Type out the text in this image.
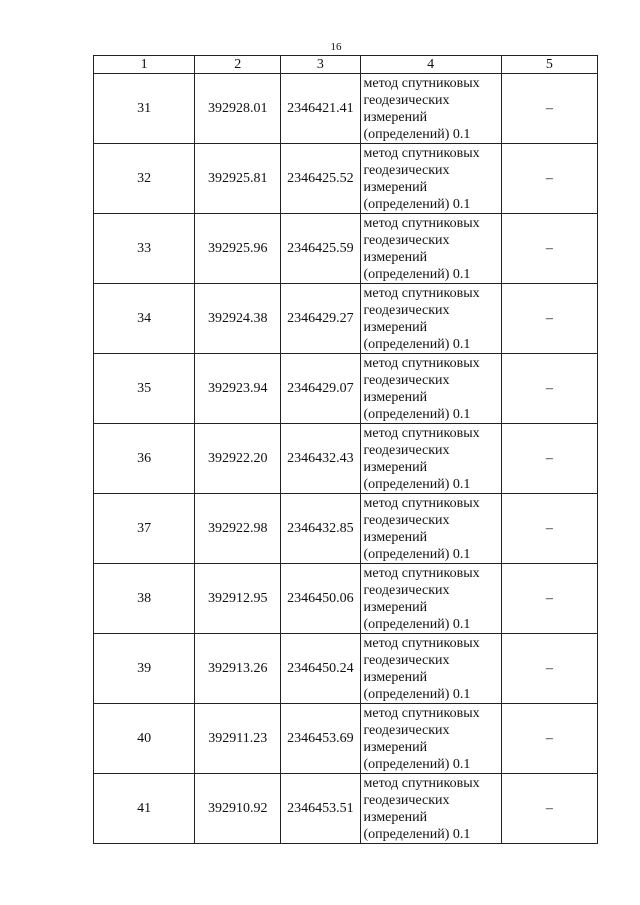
16
1	2	3	4	5
31	392928.01	2346421.41	метод спутниковых
геодезических
измерений
(определений) 0.1	–
32	392925.81	2346425.52	метод спутниковых
геодезических
измерений
(определений) 0.1	–
33	392925.96	2346425.59	метод спутниковых
геодезических
измерений
(определений) 0.1	–
34	392924.38	2346429.27	метод спутниковых
геодезических
измерений
(определений) 0.1	–
35	392923.94	2346429.07	метод спутниковых
геодезических
измерений
(определений) 0.1	–
36	392922.20	2346432.43	метод спутниковых
геодезических
измерений
(определений) 0.1	–
37	392922.98	2346432.85	метод спутниковых
геодезических
измерений
(определений) 0.1	–
38	392912.95	2346450.06	метод спутниковых
геодезических
измерений
(определений) 0.1	–
39	392913.26	2346450.24	метод спутниковых
геодезических
измерений
(определений) 0.1	–
40	392911.23	2346453.69	метод спутниковых
геодезических
измерений
(определений) 0.1	–
41	392910.92	2346453.51	метод спутниковых
геодезических
измерений
(определений) 0.1	–
